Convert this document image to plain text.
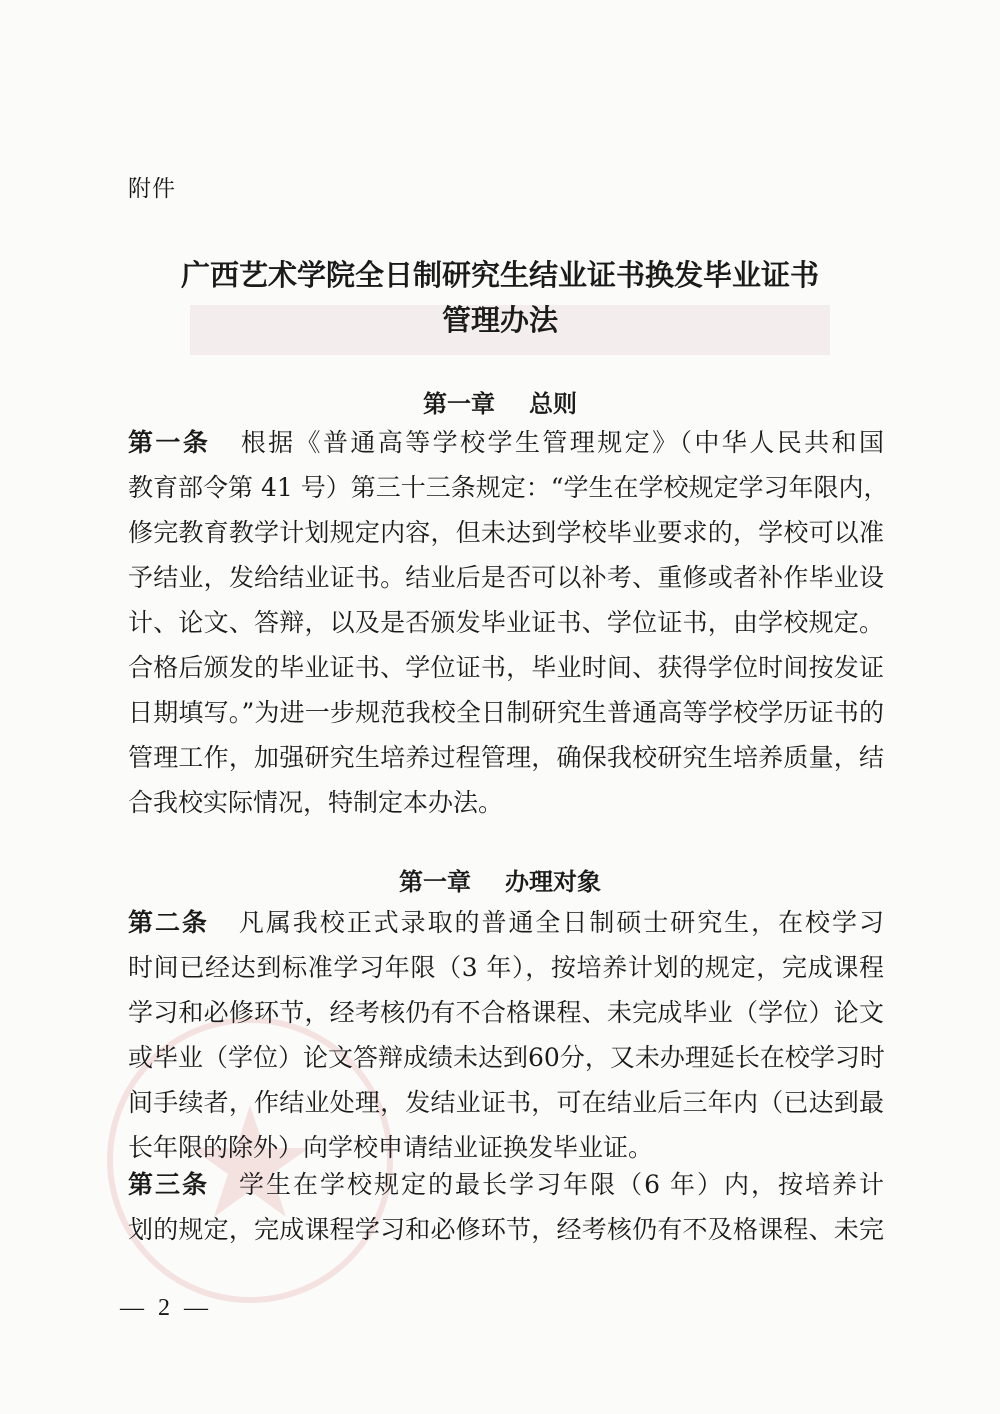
附件
广西艺术学院全日制研究生结业证书换发毕业证书
管理办法
第一章 总则
第一条 根据《普通高等学校学生管理规定》（中华人民共和国
教育部令第 41 号）第三十三条规定：“学生在学校规定学习年限内，
修完教育教学计划规定内容，但未达到学校毕业要求的，学校可以准
予结业，发给结业证书。结业后是否可以补考、重修或者补作毕业设
计、论文、答辩，以及是否颁发毕业证书、学位证书，由学校规定。
合格后颁发的毕业证书、学位证书，毕业时间、获得学位时间按发证
日期填写。”为进一步规范我校全日制研究生普通高等学校学历证书的
管理工作，加强研究生培养过程管理，确保我校研究生培养质量，结
合我校实际情况，特制定本办法。
第一章 办理对象
第二条 凡属我校正式录取的普通全日制硕士研究生，在校学习
时间已经达到标准学习年限（3 年），按培养计划的规定，完成课程
学习和必修环节，经考核仍有不合格课程、未完成毕业（学位）论文
或毕业（学位）论文答辩成绩未达到60分，又未办理延长在校学习时
间手续者，作结业处理，发结业证书，可在结业后三年内（已达到最
长年限的除外）向学校申请结业证换发毕业证。
第三条 学生在学校规定的最长学习年限（6 年）内，按培养计
划的规定，完成课程学习和必修环节，经考核仍有不及格课程、未完
— 2 —
